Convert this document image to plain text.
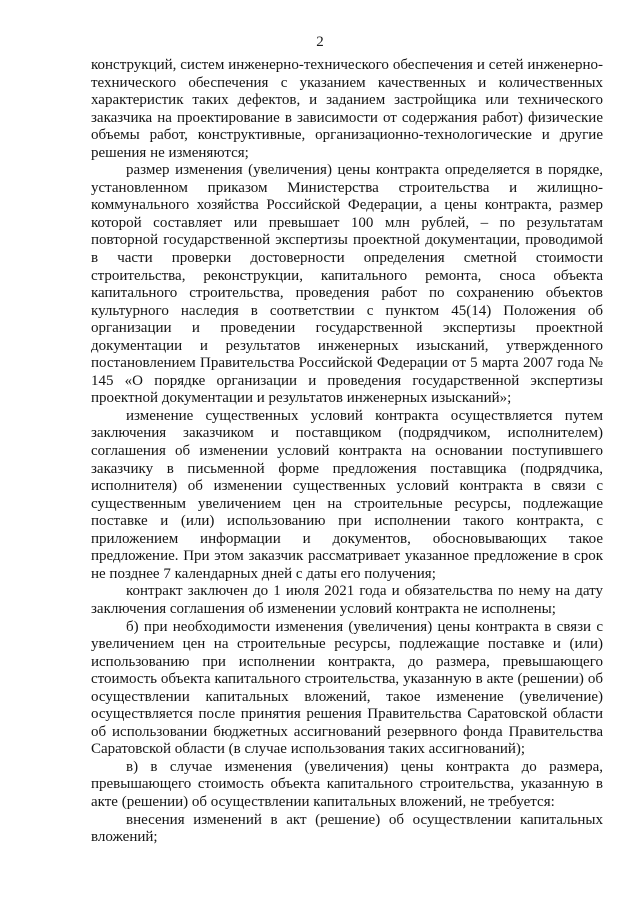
2

конструкций, систем инженерно-технического обеспечения и сетей инженерно-технического обеспечения с указанием качественных и количественных характеристик таких дефектов, и заданием застройщика или технического заказчика на проектирование в зависимости от содержания работ) физические объемы работ, конструктивные, организационно-технологические и другие решения не изменяются;

размер изменения (увеличения) цены контракта определяется в порядке, установленном приказом Министерства строительства и жилищно-коммунального хозяйства Российской Федерации, а цены контракта, размер которой составляет или превышает 100 млн рублей, – по результатам повторной государственной экспертизы проектной документации, проводимой в части проверки достоверности определения сметной стоимости строительства, реконструкции, капитального ремонта, сноса объекта капитального строительства, проведения работ по сохранению объектов культурного наследия в соответствии с пунктом 45(14) Положения об организации и проведении государственной экспертизы проектной документации и результатов инженерных изысканий, утвержденного постановлением Правительства Российской Федерации от 5 марта 2007 года № 145 «О порядке организации и проведения государственной экспертизы проектной документации и результатов инженерных изысканий»;

изменение существенных условий контракта осуществляется путем заключения заказчиком и поставщиком (подрядчиком, исполнителем) соглашения об изменении условий контракта на основании поступившего заказчику в письменной форме предложения поставщика (подрядчика, исполнителя) об изменении существенных условий контракта в связи с существенным увеличением цен на строительные ресурсы, подлежащие поставке и (или) использованию при исполнении такого контракта, с приложением информации и документов, обосновывающих такое предложение. При этом заказчик рассматривает указанное предложение в срок не позднее 7 календарных дней с даты его получения;

контракт заключен до 1 июля 2021 года и обязательства по нему на дату заключения соглашения об изменении условий контракта не исполнены;

б) при необходимости изменения (увеличения) цены контракта в связи с увеличением цен на строительные ресурсы, подлежащие поставке и (или) использованию при исполнении контракта, до размера, превышающего стоимость объекта капитального строительства, указанную в акте (решении) об осуществлении капитальных вложений, такое изменение (увеличение) осуществляется после принятия решения Правительства Саратовской области об использовании бюджетных ассигнований резервного фонда Правительства Саратовской области (в случае использования таких ассигнований);

в) в случае изменения (увеличения) цены контракта до размера, превышающего стоимость объекта капитального строительства, указанную в акте (решении) об осуществлении капитальных вложений, не требуется:

внесения изменений в акт (решение) об осуществлении капитальных вложений;
